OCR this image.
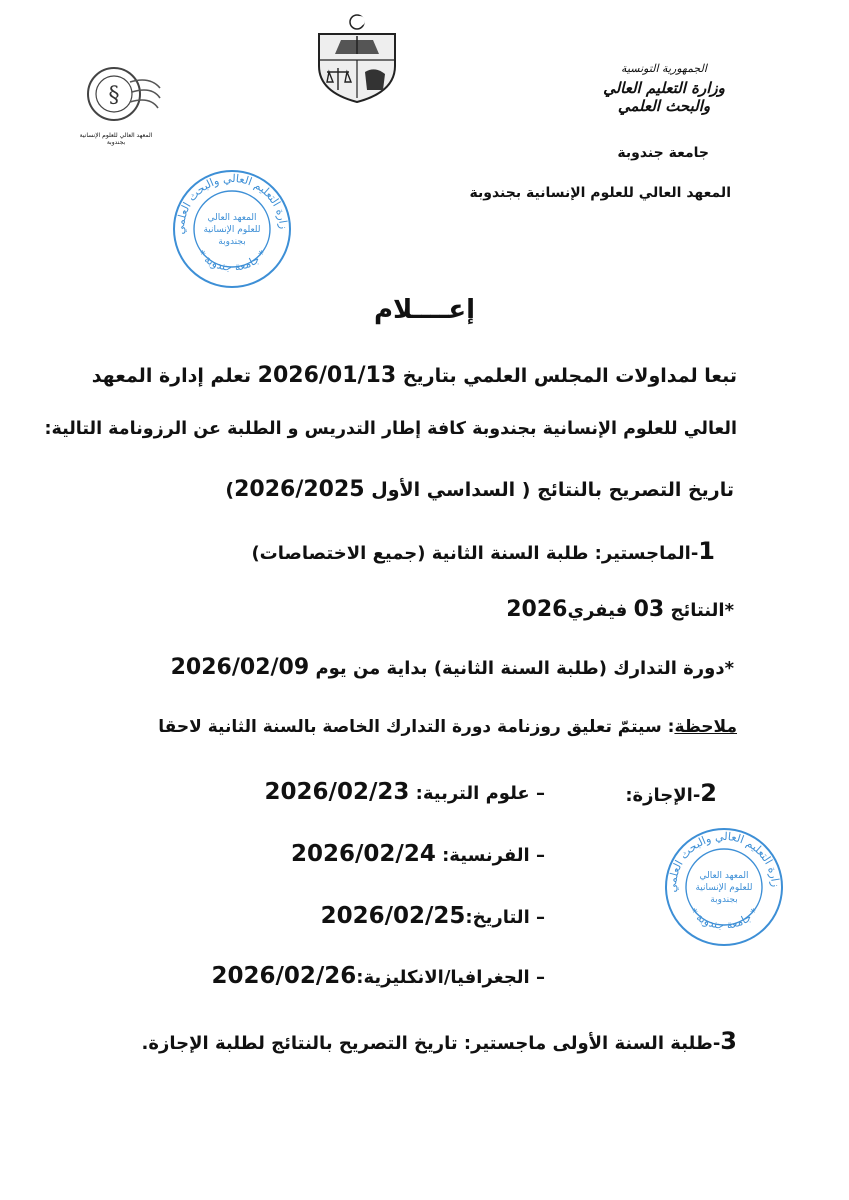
الجمهورية التونسية
وزارة التعليم العالي
والبحث العلمي
جامعة جندوبة
المعهد العالي للعلوم الإنسانية بجندوبة
§
المعهد العالي للعلوم الإنسانية بجندوبة
زارة التعليم العالي والبحث العلمي
* جامعة جندوبة *
المعهد العالي
للعلوم الإنسانية
بجندوبة
زارة التعليم العالي والبحث العلمي
* جامعة جندوبة *
المعهد العالي
للعلوم الإنسانية
بجندوبة
إعــــلام
تبعا لمداولات المجلس العلمي بتاريخ 2026/01/13 تعلم إدارة المعهد
العالي للعلوم الإنسانية بجندوبة كافة إطار التدريس و الطلبة عن الرزونامة التالية:
تاريخ التصريح بالنتائج ( السداسي الأول 2026/2025)
1-الماجستير: طلبة السنة الثانية (جميع الاختصاصات)
*النتائج 03 فيفري2026
*دورة التدارك (طلبة السنة الثانية) بداية من يوم 2026/02/09
ملاحظة: سيتمّ تعليق روزنامة دورة التدارك الخاصة بالسنة الثانية لاحقا
2-الإجازة:
– علوم التربية: 2026/02/23
– الفرنسية: 2026/02/24
– التاريخ:2026/02/25
– الجغرافيا/الانكليزية:2026/02/26
3-طلبة السنة الأولى ماجستير: تاريخ التصريح بالنتائج لطلبة الإجازة.
